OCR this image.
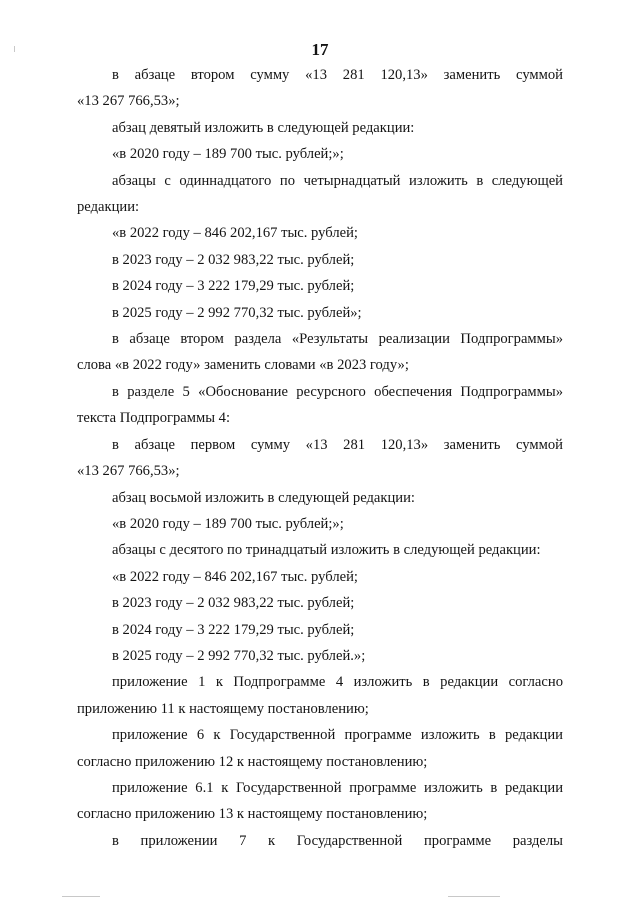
17
в абзаце втором сумму «13 281 120,13» заменить суммой
«13 267 766,53»;
абзац девятый изложить в следующей редакции:
«в 2020 году – 189 700 тыс. рублей;»;
абзацы с одиннадцатого по четырнадцатый изложить в следующей
редакции:
«в 2022 году – 846 202,167 тыс. рублей;
в 2023 году – 2 032 983,22 тыс. рублей;
в 2024 году – 3 222 179,29 тыс. рублей;
в 2025 году – 2 992 770,32 тыс. рублей»;
в абзаце втором раздела «Результаты реализации Подпрограммы»
слова «в 2022 году» заменить словами «в 2023 году»;
в разделе 5 «Обоснование ресурсного обеспечения Подпрограммы»
текста Подпрограммы 4:
в абзаце первом сумму «13 281 120,13» заменить суммой
«13 267 766,53»;
абзац восьмой изложить в следующей редакции:
«в 2020 году – 189 700 тыс. рублей;»;
абзацы с десятого по тринадцатый изложить в следующей редакции:
«в 2022 году – 846 202,167 тыс. рублей;
в 2023 году – 2 032 983,22 тыс. рублей;
в 2024 году – 3 222 179,29 тыс. рублей;
в 2025 году – 2 992 770,32 тыс. рублей.»;
приложение 1 к Подпрограмме 4 изложить в редакции согласно
приложению 11 к настоящему постановлению;
приложение 6 к Государственной программе изложить в редакции
согласно приложению 12 к настоящему постановлению;
приложение 6.1 к Государственной программе изложить в редакции
согласно приложению 13 к настоящему постановлению;
в приложении 7 к Государственной программе разделы
